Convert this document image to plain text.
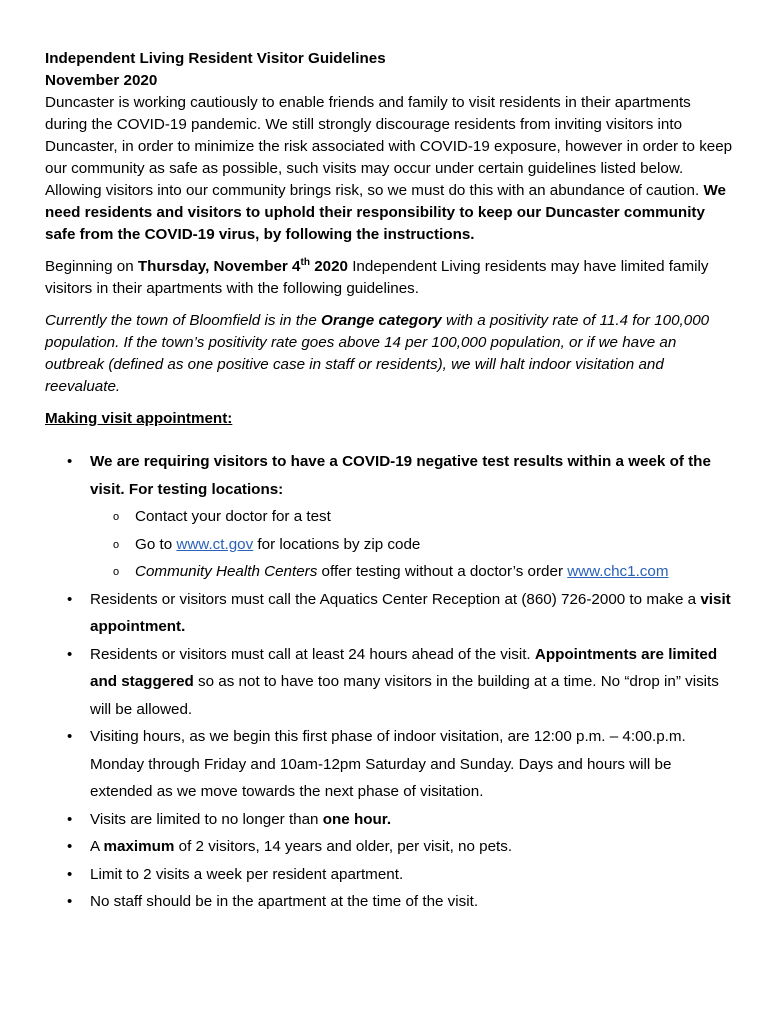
Independent Living Resident Visitor Guidelines

November 2020

Duncaster is working cautiously to enable friends and family to visit residents in their apartments during the COVID-19 pandemic. We still strongly discourage residents from inviting visitors into Duncaster, in order to minimize the risk associated with COVID-19 exposure, however in order to keep our community as safe as possible, such visits may occur under certain guidelines listed below. Allowing visitors into our community brings risk, so we must do this with an abundance of caution. We need residents and visitors to uphold their responsibility to keep our Duncaster community safe from the COVID-19 virus, by following the instructions.

Beginning on Thursday, November 4th 2020 Independent Living residents may have limited family visitors in their apartments with the following guidelines.

Currently the town of Bloomfield is in the Orange category with a positivity rate of 11.4 for 100,000 population. If the town’s positivity rate goes above 14 per 100,000 population, or if we have an outbreak (defined as one positive case in staff or residents), we will halt indoor visitation and reevaluate.

Making visit appointment:

• We are requiring visitors to have a COVID-19 negative test results within a week of the visit. For testing locations:
o Contact your doctor for a test
o Go to www.ct.gov for locations by zip code
o Community Health Centers offer testing without a doctor’s order www.chc1.com
• Residents or visitors must call the Aquatics Center Reception at (860) 726-2000 to make a visit appointment.
• Residents or visitors must call at least 24 hours ahead of the visit. Appointments are limited and staggered so as not to have too many visitors in the building at a time. No “drop in” visits will be allowed.
• Visiting hours, as we begin this first phase of indoor visitation, are 12:00 p.m. – 4:00.p.m. Monday through Friday and 10am-12pm Saturday and Sunday. Days and hours will be extended as we move towards the next phase of visitation.
• Visits are limited to no longer than one hour.
• A maximum of 2 visitors, 14 years and older, per visit, no pets.
• Limit to 2 visits a week per resident apartment.
• No staff should be in the apartment at the time of the visit.
